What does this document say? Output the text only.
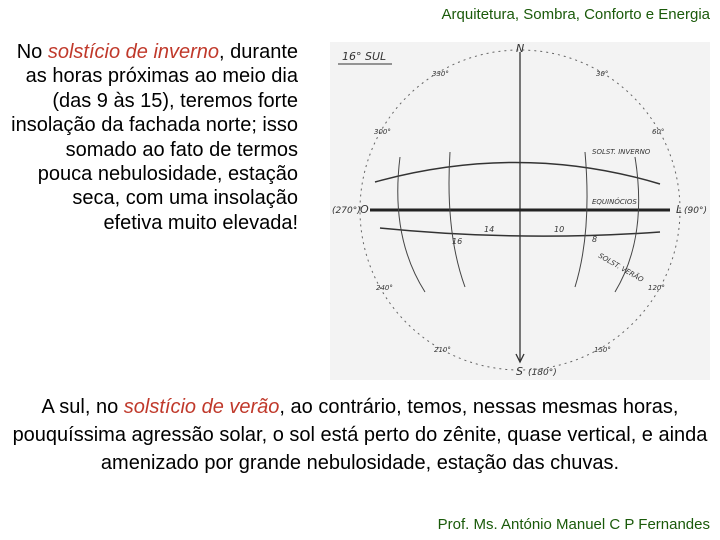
Arquitetura, Sombra, Conforto e Energia
No solstício de inverno, durante as horas próximas ao meio dia (das 9 às 15), teremos forte insolação da fachada norte; isso somado ao fato de termos pouca nebulosidade, estação seca, com uma insolação efetiva muito elevada!
16° SUL
N
S (180°)
(270°) O	L (90°)
SOLST. INVERNO
EQUINÓCIOS
SOLST. VERÃO
16
14	10
8
330°	30°
300°	60°
240°	120°
210°	150°
A sul, no solstício de verão, ao contrário, temos, nessas mesmas horas, pouquíssima agressão solar, o sol está perto do zênite, quase vertical, e ainda amenizado por grande nebulosidade, estação das chuvas.
Prof. Ms. António Manuel C P Fernandes
